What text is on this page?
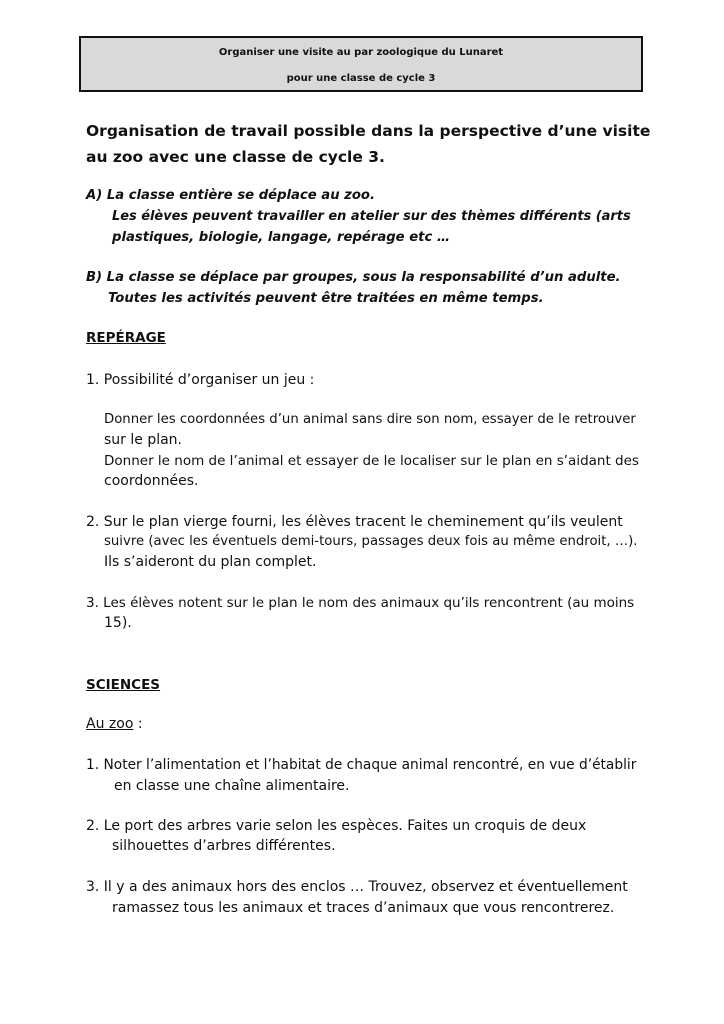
Organiser une visite au par zoologique du Lunaret
pour une classe de cycle 3
Organisation de travail possible dans la perspective d’une visite
au zoo avec une classe de cycle 3.
A) La classe entière se déplace au zoo.
Les élèves peuvent travailler en atelier sur des thèmes différents (arts
plastiques, biologie, langage, repérage etc …
B) La classe se déplace par groupes, sous la responsabilité d’un adulte.
Toutes les activités peuvent être traitées en même temps.
REPÉRAGE
1. Possibilité d’organiser un jeu :
Donner les coordonnées d’un animal sans dire son nom, essayer de le retrouver
sur le plan.
Donner le nom de l’animal et essayer de le localiser sur le plan en s’aidant des
coordonnées.
2. Sur le plan vierge fourni, les élèves tracent le cheminement qu’ils veulent
suivre (avec les éventuels demi-tours, passages deux fois au même endroit, …).
Ils s’aideront du plan complet.
3. Les élèves notent sur le plan le nom des animaux qu’ils rencontrent (au moins
15).
SCIENCES
Au zoo :
1. Noter l’alimentation et l’habitat de chaque animal rencontré, en vue d’établir
en classe une chaîne alimentaire.
2. Le port des arbres varie selon les espèces. Faites un croquis de deux
silhouettes d’arbres différentes.
3. Il y a des animaux hors des enclos … Trouvez, observez et éventuellement
ramassez tous les animaux et traces d’animaux que vous rencontrerez.
